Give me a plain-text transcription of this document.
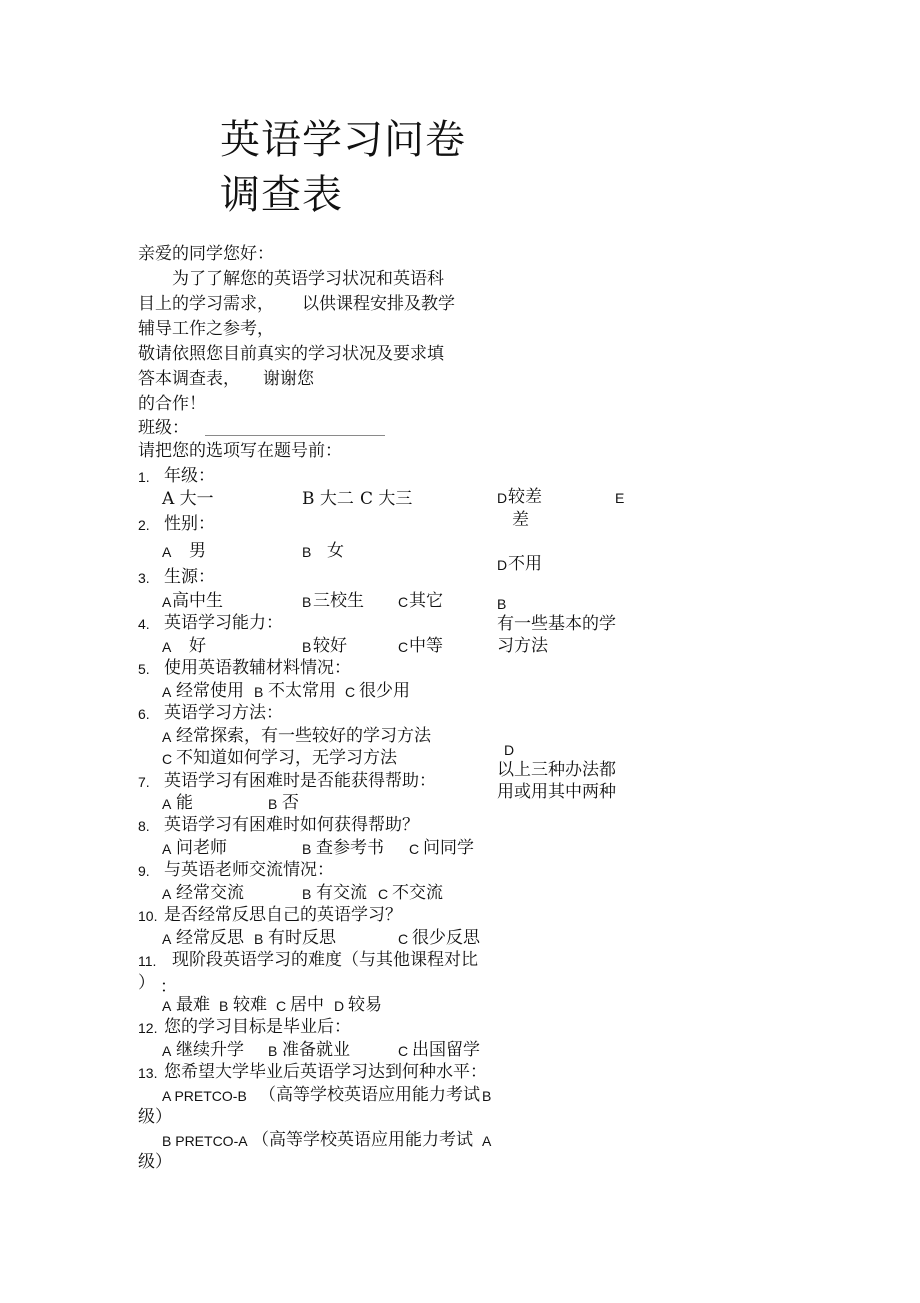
英语学习问卷
调查表
亲爱的同学您好：
为了了解您的英语学习状况和英语科
目上的学习需求， 以供课程安排及教学
辅导工作之参考，
敬请依照您目前真实的学习状况及要求填
答本调查表， 谢谢您
的合作！
班级：
请把您的选项写在题号前：
1. 年级：
A 大一	B 大二 C 大三
2. 性别：
A 男	B 女
3. 生源：
A 高中生	B 三校生 C 其它
4. 英语学习能力：
A 好	B 较好	C 中等
5. 使用英语教辅材料情况：
A 经常使用 B 不太常用 C 很少用
6. 英语学习方法：
A 经常探索，有一些较好的学习方法
C 不知道如何学习，无学习方法
7. 英语学习有困难时是否能获得帮助：
A 能	B 否
8. 英语学习有困难时如何获得帮助？
A 问老师	B 查参考书 C 问同学
9. 与英语老师交流情况：
A 经常交流	B 有交流 C 不交流
10. 是否经常反思自己的英语学习？
A 经常反思 B 有时反思	C 很少反思
11. 现阶段英语学习的难度（与其他课程对比
） ：
A 最难 B 较难 C 居中 D 较易
12. 您的学习目标是毕业后：
A 继续升学 B 准备就业	C 出国留学
13. 您希望大学毕业后英语学习达到何种水平：
A PRETCO-B （高等学校英语应用能力考试 B
级）
B PRETCO-A （高等学校英语应用能力考试 A
级）
D 较差	E
差
D 不用
B
有一些基本的学
习方法
D
以上三种办法都
用或用其中两种
